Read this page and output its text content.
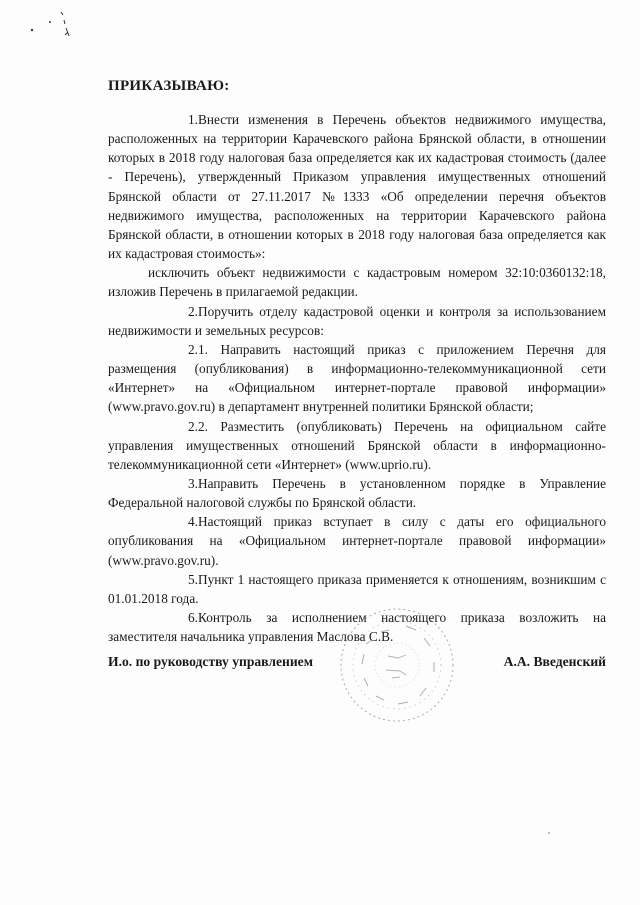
ПРИКАЗЫВАЮ:

1.Внести изменения в Перечень объектов недвижимого имущества, расположенных на территории Карачевского района Брянской области, в отношении которых в 2018 году налоговая база определяется как их кадастровая стоимость (далее - Перечень), утвержденный Приказом управления имущественных отношений Брянской области от 27.11.2017 №1333 «Об определении перечня объектов недвижимого имущества, расположенных на территории Карачевского района Брянской области, в отношении которых в 2018 году налоговая база определяется как их кадастровая стоимость»:

исключить объект недвижимости с кадастровым номером 32:10:0360132:18, изложив Перечень в прилагаемой редакции.

2.Поручить отделу кадастровой оценки и контроля за использованием недвижимости и земельных ресурсов:

2.1. Направить настоящий приказ с приложением Перечня для размещения (опубликования) в информационно-телекоммуникационной сети «Интернет» на «Официальном интернет-портале правовой информации» (www.pravo.gov.ru) в департамент внутренней политики Брянской области;

2.2. Разместить (опубликовать) Перечень на официальном сайте управления имущественных отношений Брянской области в информационно-телекоммуникационной сети «Интернет» (www.uprio.ru).

3.Направить Перечень в установленном порядке в Управление Федеральной налоговой службы по Брянской области.

4.Настоящий приказ вступает в силу с даты его официального опубликования на «Официальном интернет-портале правовой информации» (www.pravo.gov.ru).

5.Пункт 1 настоящего приказа применяется к отношениям, возникшим с 01.01.2018 года.

6.Контроль за исполнением настоящего приказа возложить на заместителя начальника управления Маслова С.В.

И.о. по руководству управлением	А.А. Введенский
